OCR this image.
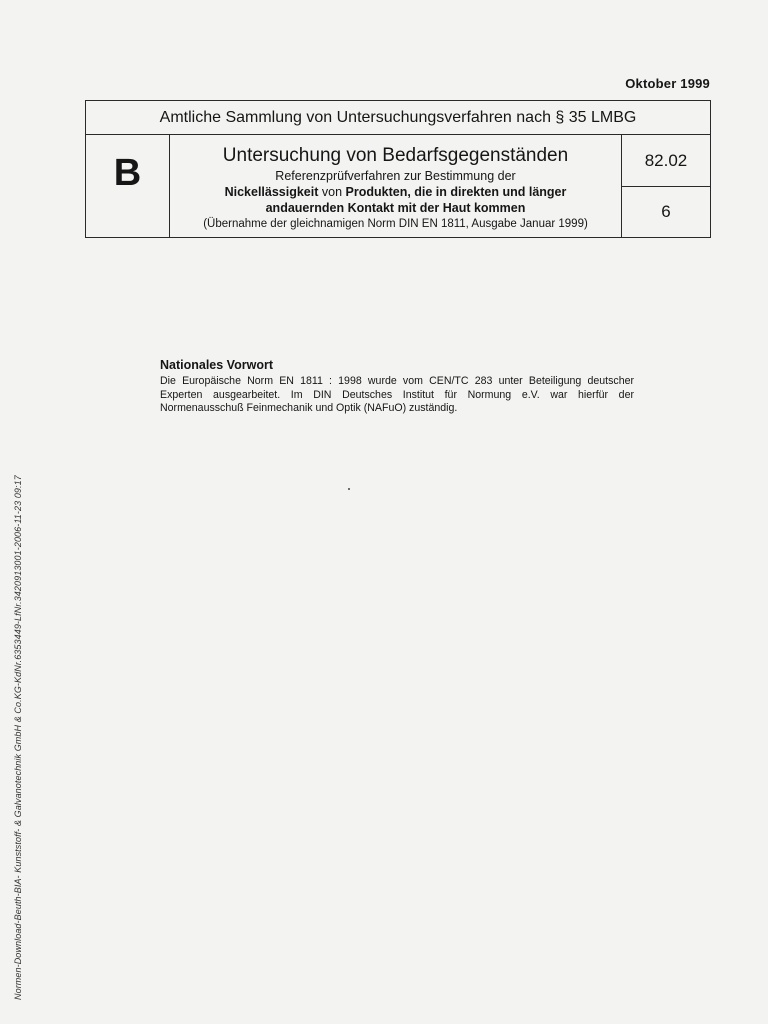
Oktober 1999
Amtliche Sammlung von Untersuchungsverfahren nach § 35 LMBG
B	Untersuchung von Bedarfsgegenständen
Referenzprüfverfahren zur Bestimmung der
Nickellässigkeit von Produkten, die in direkten und länger
andauernden Kontakt mit der Haut kommen
(Übernahme der gleichnamigen Norm DIN EN 1811, Ausgabe Januar 1999)
82.02
6
Nationales Vorwort

Die Europäische Norm EN 1811 : 1998 wurde vom CEN/TC 283 unter Beteiligung deutscher Experten ausgearbeitet. Im DIN Deutsches Institut für Normung e.V. war hierfür der Normenausschuß Feinmechanik und Optik (NAFuO) zuständig.

Normen-Download-Beuth-BIA- Kunststoff- & Galvanotechnik GmbH & Co.KG-KdNr.6353449-LfNr.3420913001-2006-11-23 09:17
